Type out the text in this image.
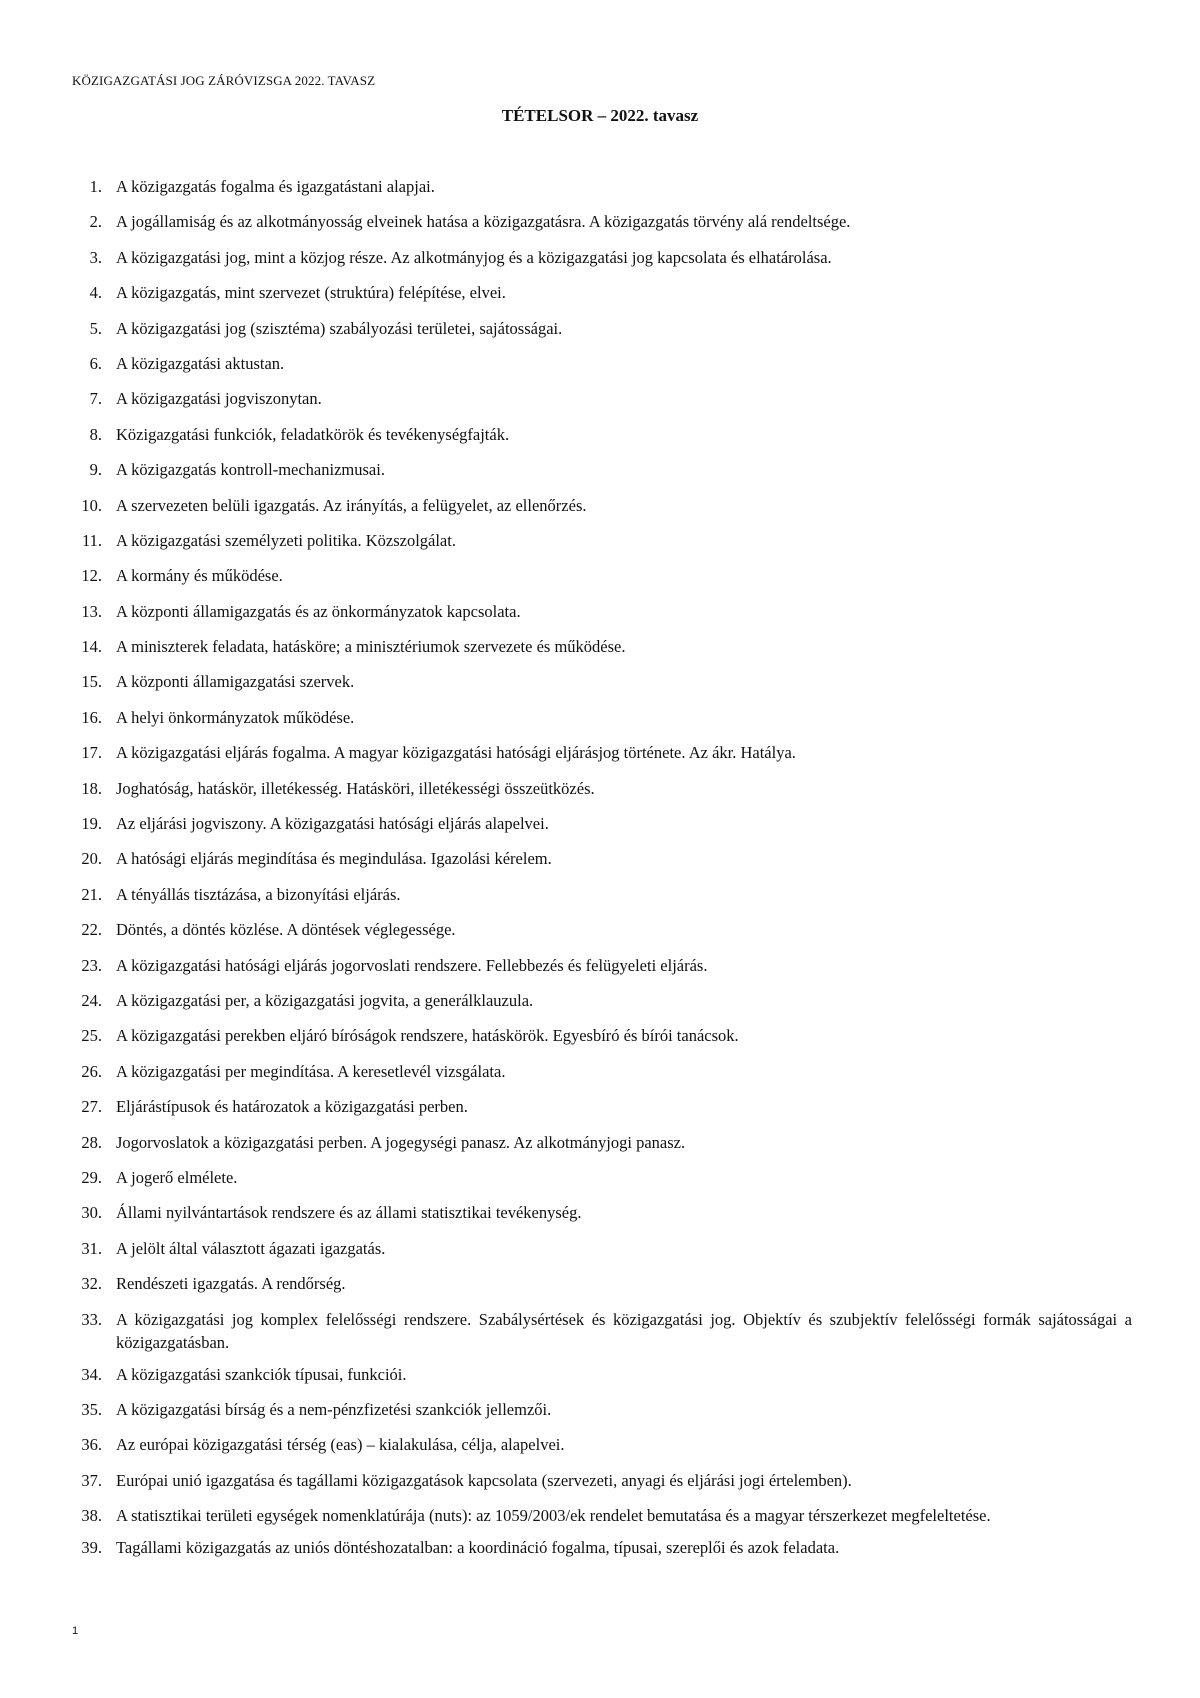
KÖZIGAZGATÁSI JOG ZÁRÓVIZSGA 2022. TAVASZ
TÉTELSOR – 2022. tavasz
1. A közigazgatás fogalma és igazgatástani alapjai.
2. A jogállamiság és az alkotmányosság elveinek hatása a közigazgatásra. A közigazgatás törvény alá rendeltsége.
3. A közigazgatási jog, mint a közjog része. Az alkotmányjog és a közigazgatási jog kapcsolata és elhatárolása.
4. A közigazgatás, mint szervezet (struktúra) felépítése, elvei.
5. A közigazgatási jog (szisztéma) szabályozási területei, sajátosságai.
6. A közigazgatási aktustan.
7. A közigazgatási jogviszonytan.
8. Közigazgatási funkciók, feladatkörök és tevékenységfajták.
9. A közigazgatás kontroll-mechanizmusai.
10. A szervezeten belüli igazgatás. Az irányítás, a felügyelet, az ellenőrzés.
11. A közigazgatási személyzeti politika. Közszolgálat.
12. A kormány és működése.
13. A központi államigazgatás és az önkormányzatok kapcsolata.
14. A miniszterek feladata, hatásköre; a minisztériumok szervezete és működése.
15. A központi államigazgatási szervek.
16. A helyi önkormányzatok működése.
17. A közigazgatási eljárás fogalma. A magyar közigazgatási hatósági eljárásjog története. Az ákr. Hatálya.
18. Joghatóság, hatáskör, illetékesség. Hatásköri, illetékességi összeütközés.
19. Az eljárási jogviszony. A közigazgatási hatósági eljárás alapelvei.
20. A hatósági eljárás megindítása és megindulása. Igazolási kérelem.
21. A tényállás tisztázása, a bizonyítási eljárás.
22. Döntés, a döntés közlése. A döntések véglegessége.
23. A közigazgatási hatósági eljárás jogorvoslati rendszere. Fellebbezés és felügyeleti eljárás.
24. A közigazgatási per, a közigazgatási jogvita, a generálklauzula.
25. A közigazgatási perekben eljáró bíróságok rendszere, hatáskörök. Egyesbíró és bírói tanácsok.
26. A közigazgatási per megindítása. A keresetlevél vizsgálata.
27. Eljárástípusok és határozatok a közigazgatási perben.
28. Jogorvoslatok a közigazgatási perben. A jogegységi panasz. Az alkotmányjogi panasz.
29. A jogerő elmélete.
30. Állami nyilvántartások rendszere és az állami statisztikai tevékenység.
31. A jelölt által választott ágazati igazgatás.
32. Rendészeti igazgatás. A rendőrség.
33. A közigazgatási jog komplex felelősségi rendszere. Szabálysértések és közigazgatási jog. Objektív és szubjektív felelősségi formák sajátosságai a közigazgatásban.
34. A közigazgatási szankciók típusai, funkciói.
35. A közigazgatási bírság és a nem-pénzfizetési szankciók jellemzői.
36. Az európai közigazgatási térség (eas) – kialakulása, célja, alapelvei.
37. Európai unió igazgatása és tagállami közigazgatások kapcsolata (szervezeti, anyagi és eljárási jogi értelemben).
38. A statisztikai területi egységek nomenklatúrája (nuts): az 1059/2003/ek rendelet bemutatása és a magyar térszerkezet megfeleltetése.
39. Tagállami közigazgatás az uniós döntéshozatalban: a koordináció fogalma, típusai, szereplői és azok feladata.
1
